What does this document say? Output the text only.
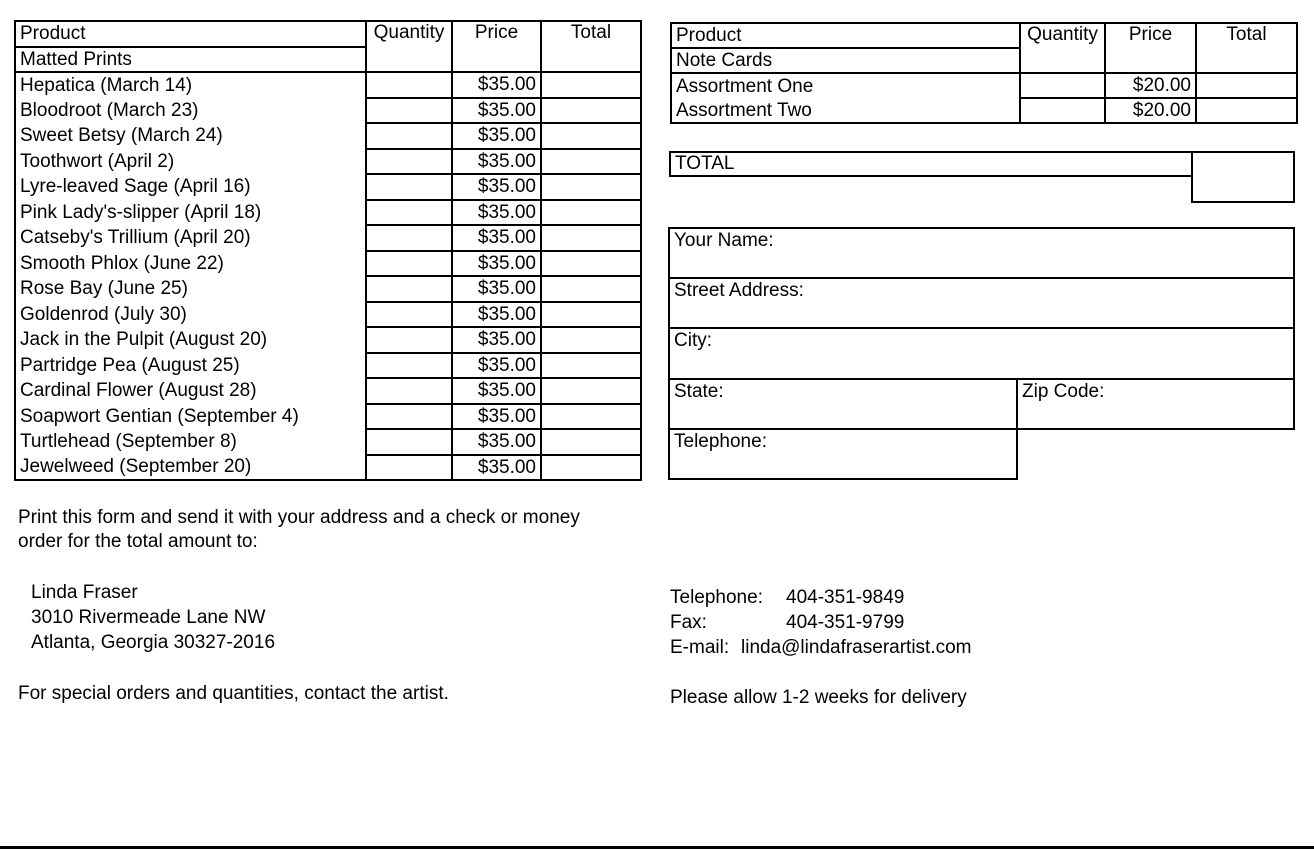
Product	Quantity	Price	Total
Matted Prints			
Hepatica (March 14)		$35.00	
Bloodroot (March 23)		$35.00	
Sweet Betsy (March 24)		$35.00	
Toothwort (April 2)		$35.00	
Lyre-leaved Sage (April 16)		$35.00	
Pink Lady's-slipper (April 18)		$35.00	
Catseby's Trillium (April 20)		$35.00	
Smooth Phlox (June 22)		$35.00	
Rose Bay (June 25)		$35.00	
Goldenrod (July 30)		$35.00	
Jack in the Pulpit (August 20)		$35.00	
Partridge Pea (August 25)		$35.00	
Cardinal Flower (August 28)		$35.00	
Soapwort Gentian (September 4)		$35.00	
Turtlehead (September 8)		$35.00	
Jewelweed (September 20)		$35.00	
Product	Quantity	Price	Total
Note Cards			
Assortment One		$20.00	
Assortment Two		$20.00	
TOTAL
Your Name:
Street Address:
City:
State:	Zip Code:
Telephone:
Print this form and send it with your address and a check or money
order for the total amount to:
Linda Fraser
3010 Rivermeade Lane NW
Atlanta, Georgia 30327-2016
Telephone: 404-351-9849
Fax:	404-351-9799
E-mail: linda@lindafraserartist.com
For special orders and quantities, contact the artist.	Please allow 1-2 weeks for delivery
